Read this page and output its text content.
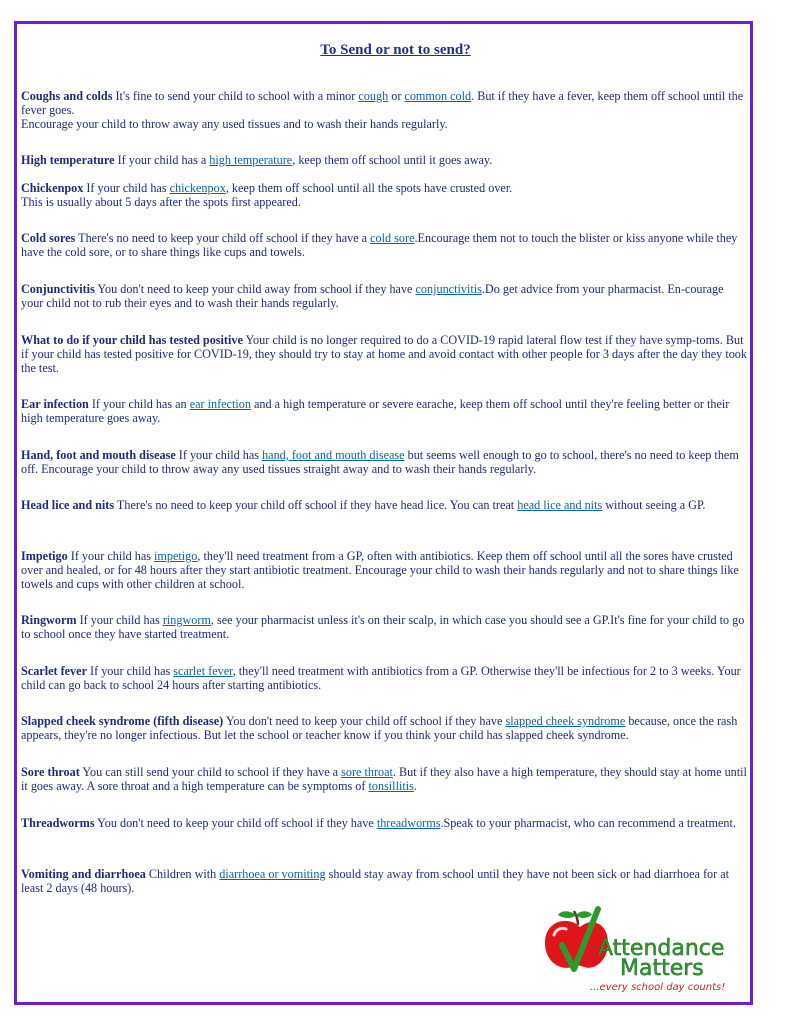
To Send or not to send?

Coughs and colds It's fine to send your child to school with a minor cough or common cold. But if they have a fever, keep them off school until the fever goes.
Encourage your child to throw away any used tissues and to wash their hands regularly.

High temperature If your child has a high temperature, keep them off school until it goes away.

Chickenpox If your child has chickenpox, keep them off school until all the spots have crusted over.
This is usually about 5 days after the spots first appeared.

Cold sores There's no need to keep your child off school if they have a cold sore.Encourage them not to touch the blister or kiss anyone while they have the cold sore, or to share things like cups and towels.

Conjunctivitis You don't need to keep your child away from school if they have conjunctivitis.Do get advice from your pharmacist. En-courage your child not to rub their eyes and to wash their hands regularly.

What to do if your child has tested positive Your child is no longer required to do a COVID-19 rapid lateral flow test if they have symp-toms. But if your child has tested positive for COVID-19, they should try to stay at home and avoid contact with other people for 3 days after the day they took the test.

Ear infection If your child has an ear infection and a high temperature or severe earache, keep them off school until they're feeling better or their high temperature goes away.

Hand, foot and mouth disease If your child has hand, foot and mouth disease but seems well enough to go to school, there's no need to keep them off. Encourage your child to throw away any used tissues straight away and to wash their hands regularly.

Head lice and nits There's no need to keep your child off school if they have head lice. You can treat head lice and nits without seeing a GP.

Impetigo If your child has impetigo, they'll need treatment from a GP, often with antibiotics. Keep them off school until all the sores have crusted over and healed, or for 48 hours after they start antibiotic treatment. Encourage your child to wash their hands regularly and not to share things like towels and cups with other children at school.

Ringworm If your child has ringworm, see your pharmacist unless it's on their scalp, in which case you should see a GP.It's fine for your child to go to school once they have started treatment.

Scarlet fever If your child has scarlet fever, they'll need treatment with antibiotics from a GP. Otherwise they'll be infectious for 2 to 3 weeks. Your child can go back to school 24 hours after starting antibiotics.

Slapped cheek syndrome (fifth disease) You don't need to keep your child off school if they have slapped cheek syndrome because, once the rash appears, they're no longer infectious. But let the school or teacher know if you think your child has slapped cheek syndrome.

Sore throat You can still send your child to school if they have a sore throat. But if they also have a high temperature, they should stay at home until it goes away. A sore throat and a high temperature can be symptoms of tonsillitis.

Threadworms You don't need to keep your child off school if they have threadworms.Speak to your pharmacist, who can recommend a treatment.

Vomiting and diarrhoea Children with diarrhoea or vomiting should stay away from school until they have not been sick or had diarrhoea for at least 2 days (48 hours).

Attendance
Matters
...every school day counts!
